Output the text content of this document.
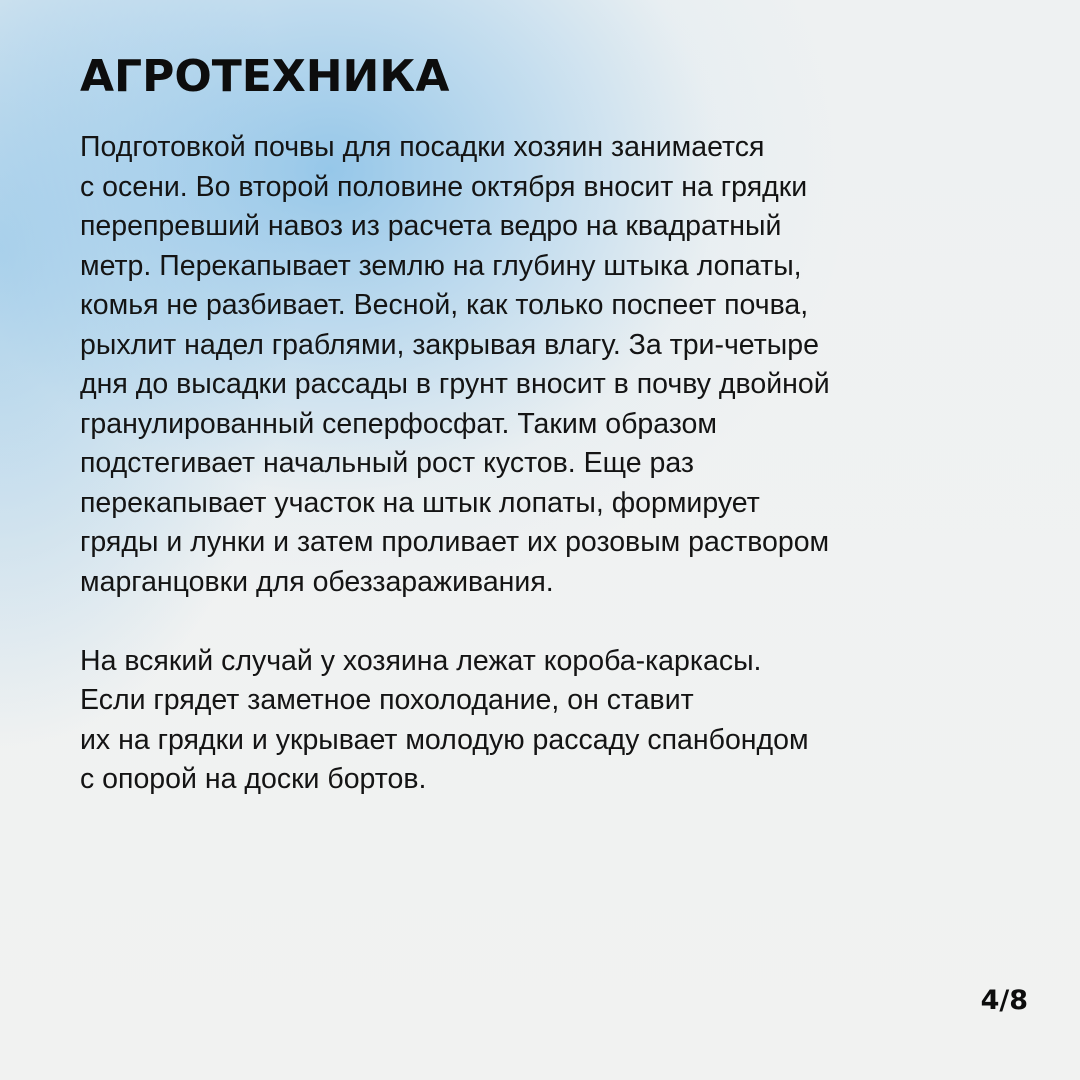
АГРОТЕХНИКА

Подготовкой почвы для посадки хозяин занимается
с осени. Во второй половине октября вносит на грядки
перепревший навоз из расчета ведро на квадратный
метр. Перекапывает землю на глубину штыка лопаты,
комья не разбивает. Весной, как только поспеет почва,
рыхлит надел граблями, закрывая влагу. За три-четыре
дня до высадки рассады в грунт вносит в почву двойной
гранулированный сеперфосфат. Таким образом
подстегивает начальный рост кустов. Еще раз
перекапывает участок на штык лопаты, формирует
гряды и лунки и затем проливает их розовым раствором
марганцовки для обеззараживания.

На всякий случай у хозяина лежат короба-каркасы.
Если грядет заметное похолодание, он ставит
их на грядки и укрывает молодую рассаду спанбондом
с опорой на доски бортов.

4/8
